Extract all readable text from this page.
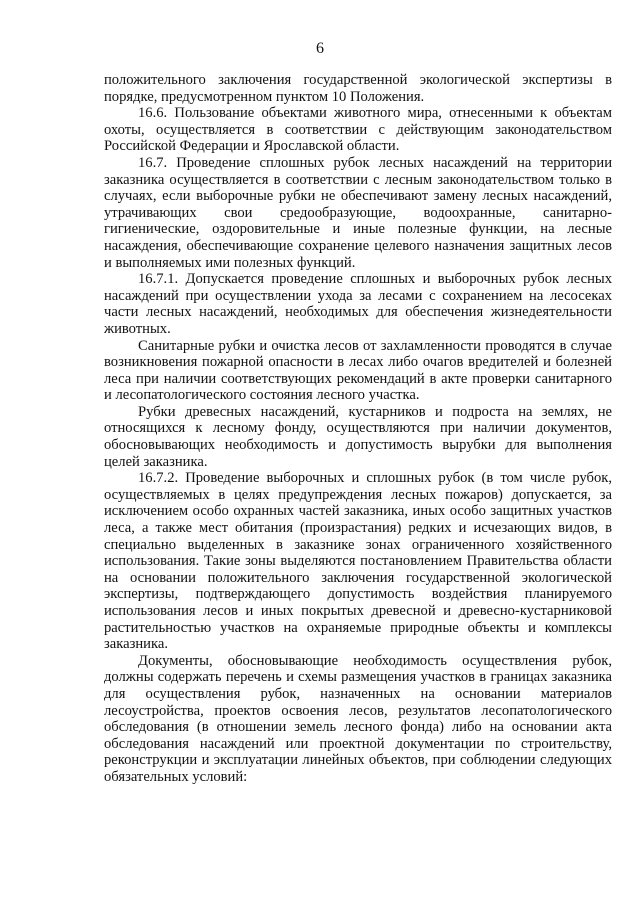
6

положительного заключения государственной экологической экспертизы в порядке, предусмотренном пунктом 10 Положения.

16.6. Пользование объектами животного мира, отнесенными к объектам охоты, осуществляется в соответствии с действующим законодательством Российской Федерации и Ярославской области.

16.7. Проведение сплошных рубок лесных насаждений на территории заказника осуществляется в соответствии с лесным законодательством только в случаях, если выборочные рубки не обеспечивают замену лесных насаждений, утрачивающих свои средообразующие, водоохранные, санитарно-гигиенические, оздоровительные и иные полезные функции, на лесные насаждения, обеспечивающие сохранение целевого назначения защитных лесов и выполняемых ими полезных функций.

16.7.1. Допускается проведение сплошных и выборочных рубок лесных насаждений при осуществлении ухода за лесами с сохранением на лесосеках части лесных насаждений, необходимых для обеспечения жизнедеятельности животных.

Санитарные рубки и очистка лесов от захламленности проводятся в случае возникновения пожарной опасности в лесах либо очагов вредителей и болезней леса при наличии соответствующих рекомендаций в акте проверки санитарного и лесопатологического состояния лесного участка.

Рубки древесных насаждений, кустарников и подроста на землях, не относящихся к лесному фонду, осуществляются при наличии документов, обосновывающих необходимость и допустимость вырубки для выполнения целей заказника.

16.7.2. Проведение выборочных и сплошных рубок (в том числе рубок, осуществляемых в целях предупреждения лесных пожаров) допускается, за исключением особо охранных частей заказника, иных особо защитных участков леса, а также мест обитания (произрастания) редких и исчезающих видов, в специально выделенных в заказнике зонах ограниченного хозяйственного использования. Такие зоны выделяются постановлением Правительства области на основании положительного заключения государственной экологической экспертизы, подтверждающего допустимость воздействия планируемого использования лесов и иных покрытых древесной и древесно-кустарниковой растительностью участков на охраняемые природные объекты и комплексы заказника.

Документы, обосновывающие необходимость осуществления рубок, должны содержать перечень и схемы размещения участков в границах заказника для осуществления рубок, назначенных на основании материалов лесоустройства, проектов освоения лесов, результатов лесопатологического обследования (в отношении земель лесного фонда) либо на основании акта обследования насаждений или проектной документации по строительству, реконструкции и эксплуатации линейных объектов, при соблюдении следующих обязательных условий:
